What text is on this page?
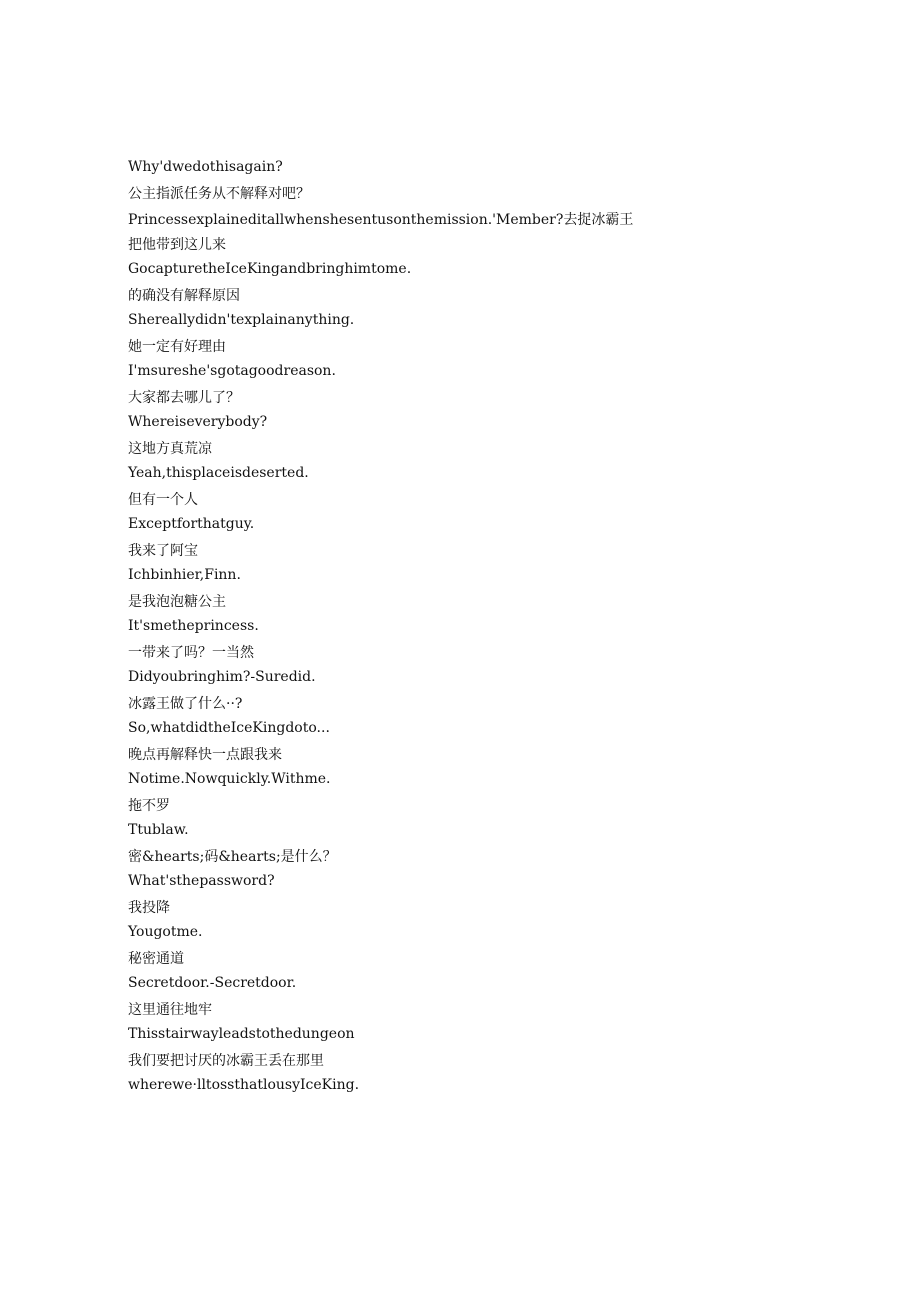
Why'dwedothisagain?
公主指派任务从不解释对吧？
Princessexplaineditallwhenshesentusonthemission.'Member?去捉冰霸王
把他带到这儿来
GocapturetheIceKingandbringhimtome.
的确没有解释原因
Shereallydidn'texplainanything.
她一定有好理由
I'msureshe'sgotagoodreason.
大家都去哪儿了？
Whereiseverybody?
这地方真荒凉
Yeah,thisplaceisdeserted.
但有一个人
Exceptforthatguy.
我来了阿宝
Ichbinhier,Finn.
是我泡泡糖公主
It'smetheprincess.
一带来了吗？一当然
Didyoubringhim?-Suredid.
冰露王做了什么··?
So,whatdidtheIceKingdoto...
晚点再解释快一点跟我来
Notime.Nowquickly.Withme.
拖不罗
Ttublaw.
密&hearts;码&hearts;是什么？
What'sthepassword?
我投降
Yougotme.
秘密通道
Secretdoor.-Secretdoor.
这里通往地牢
Thisstairwayleadstothedungeon
我们要把讨厌的冰霸王丢在那里
wherewe·lltossthatlousyIceKing.
